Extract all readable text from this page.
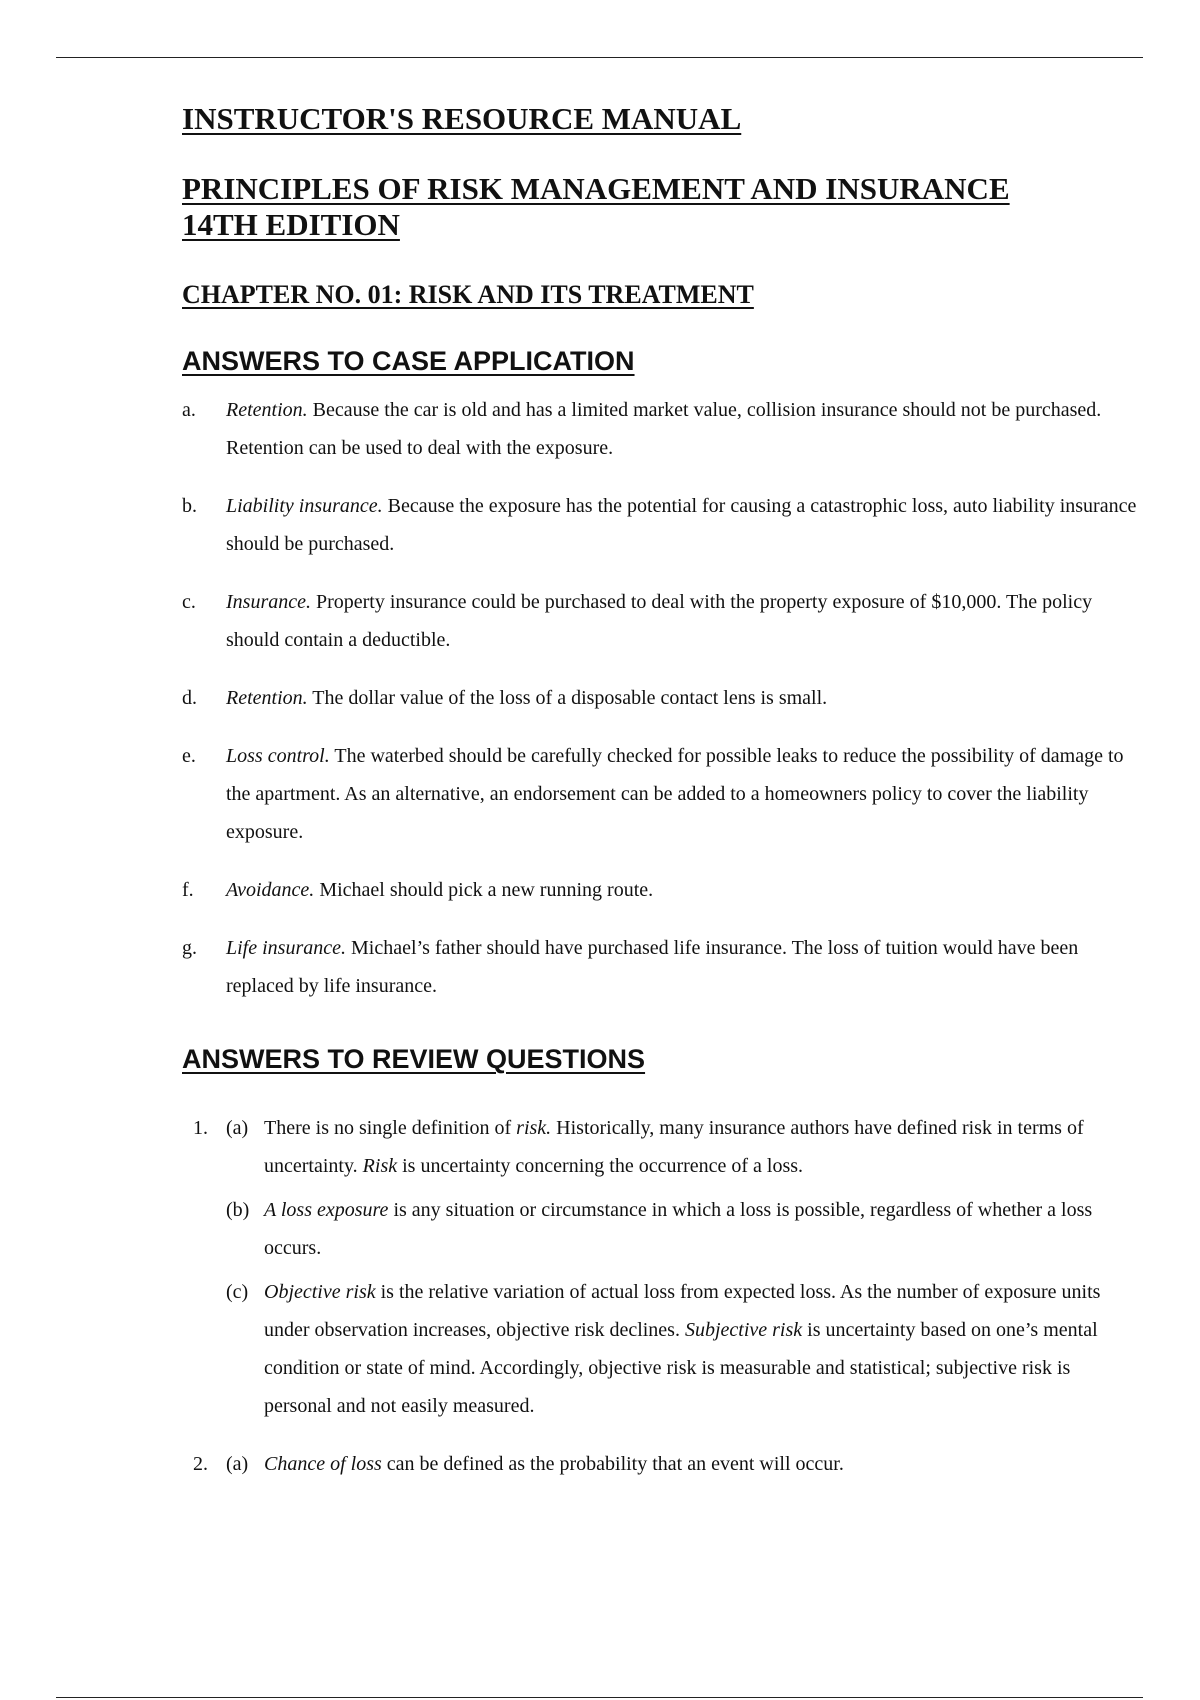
INSTRUCTOR'S RESOURCE MANUAL
PRINCIPLES OF RISK MANAGEMENT AND INSURANCE
14TH EDITION
CHAPTER NO. 01: RISK AND ITS TREATMENT
ANSWERS TO CASE APPLICATION
a. Retention. Because the car is old and has a limited market value, collision insurance should not be purchased. Retention can be used to deal with the exposure.
b. Liability insurance. Because the exposure has the potential for causing a catastrophic loss, auto liability insurance should be purchased.
c. Insurance. Property insurance could be purchased to deal with the property exposure of $10,000. The policy should contain a deductible.
d. Retention. The dollar value of the loss of a disposable contact lens is small.
e. Loss control. The waterbed should be carefully checked for possible leaks to reduce the possibility of damage to the apartment. As an alternative, an endorsement can be added to a homeowners policy to cover the liability exposure.
f. Avoidance. Michael should pick a new running route.
g. Life insurance. Michael’s father should have purchased life insurance. The loss of tuition would have been replaced by life insurance.
ANSWERS TO REVIEW QUESTIONS
1. (a) There is no single definition of risk. Historically, many insurance authors have defined risk in terms of uncertainty. Risk is uncertainty concerning the occurrence of a loss.
(b) A loss exposure is any situation or circumstance in which a loss is possible, regardless of whether a loss occurs.
(c) Objective risk is the relative variation of actual loss from expected loss. As the number of exposure units under observation increases, objective risk declines. Subjective risk is uncertainty based on one’s mental condition or state of mind. Accordingly, objective risk is measurable and statistical; subjective risk is personal and not easily measured.
2. (a) Chance of loss can be defined as the probability that an event will occur.
